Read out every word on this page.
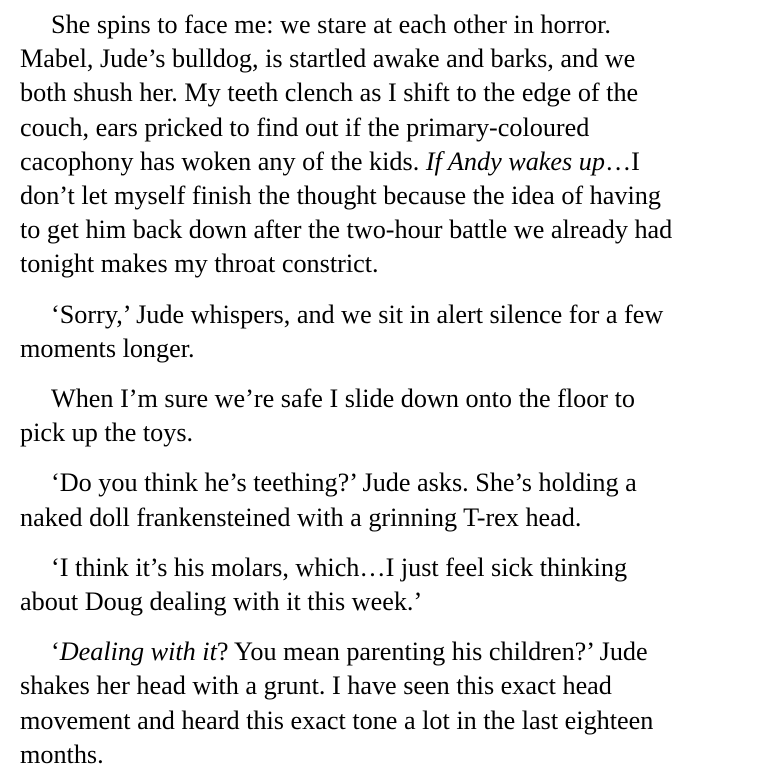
She spins to face me: we stare at each other in horror.
Mabel, Jude’s bulldog, is startled awake and barks, and we
both shush her. My teeth clench as I shift to the edge of the
couch, ears pricked to find out if the primary-coloured
cacophony has woken any of the kids. If Andy wakes up…I
don’t let myself finish the thought because the idea of having
to get him back down after the two-hour battle we already had
tonight makes my throat constrict.
‘Sorry,’ Jude whispers, and we sit in alert silence for a few
moments longer.
When I’m sure we’re safe I slide down onto the floor to
pick up the toys.
‘Do you think he’s teething?’ Jude asks. She’s holding a
naked doll frankensteined with a grinning T-rex head.
‘I think it’s his molars, which…I just feel sick thinking
about Doug dealing with it this week.’
‘Dealing with it? You mean parenting his children?’ Jude
shakes her head with a grunt. I have seen this exact head
movement and heard this exact tone a lot in the last eighteen
months.
